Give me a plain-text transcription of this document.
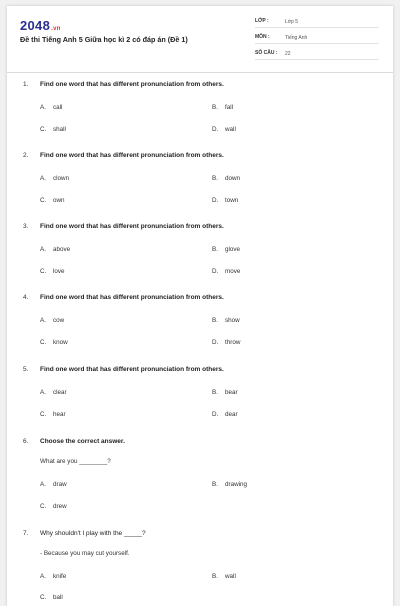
2048.vn
Đề thi Tiếng Anh 5 Giữa học kì 2 có đáp án (Đề 1)
LỚP :	Lớp 5
MÔN :	Tiếng Anh
SỐ CÂU : 22
1. Find one word that has different pronunciation from others.
A. call	B. fall
C. shall	D. wall
2. Find one word that has different pronunciation from others.
A. clown	B. down
C. own	D. town
3. Find one word that has different pronunciation from others.
A. above	B. glove
C. love	D. move
4. Find one word that has different pronunciation from others.
A. cow	B. show
C. know	D. throw
5. Find one word that has different pronunciation from others.
A. clear	B. bear
C. hear	D. dear
6. Choose the correct answer.
What are you ________?
A. draw	B. drawing
C. drew
7. Why shouldn't I play with the _____?
- Because you may cut yourself.
A. knife	B. wall
C. ball
